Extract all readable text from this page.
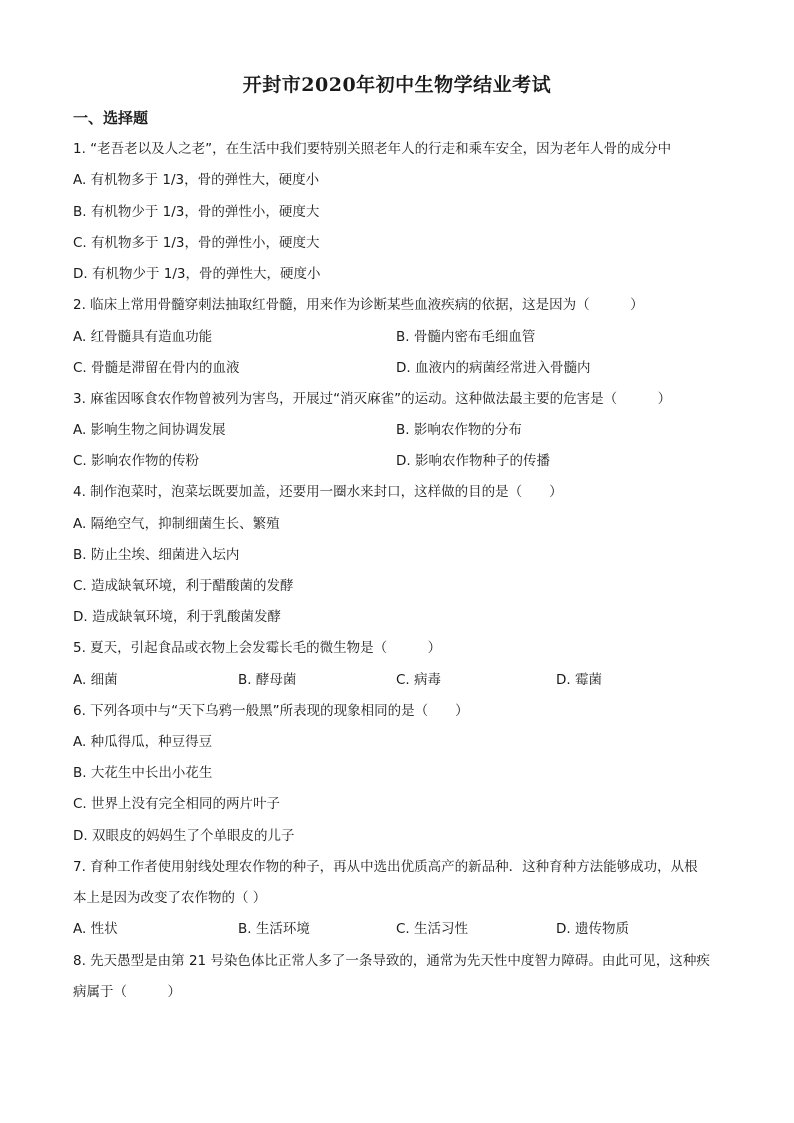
开封市2020年初中生物学结业考试
一、选择题
1. “老吾老以及人之老”，在生活中我们要特别关照老年人的行走和乘车安全，因为老年人骨的成分中
A. 有机物多于 1/3，骨的弹性大，硬度小
B. 有机物少于 1/3，骨的弹性小，硬度大
C. 有机物多于 1/3，骨的弹性小，硬度大
D. 有机物少于 1/3，骨的弹性大，硬度小
2. 临床上常用骨髓穿刺法抽取红骨髓，用来作为诊断某些血液疾病的依据，这是因为（　　　）
A. 红骨髓具有造血功能	B. 骨髓内密布毛细血管
C. 骨髓是滞留在骨内的血液	D. 血液内的病菌经常进入骨髓内
3. 麻雀因啄食农作物曾被列为害鸟，开展过“消灭麻雀”的运动。这种做法最主要的危害是（　　　）
A. 影响生物之间协调发展	B. 影响农作物的分布
C. 影响农作物的传粉	D. 影响农作物种子的传播
4. 制作泡菜时，泡菜坛既要加盖，还要用一圈水来封口，这样做的目的是（　　）
A. 隔绝空气，抑制细菌生长、繁殖
B. 防止尘埃、细菌进入坛内
C. 造成缺氧环境，利于醋酸菌的发酵
D. 造成缺氧环境，利于乳酸菌发酵
5. 夏天，引起食品或衣物上会发霉长毛的微生物是（　　　）
A. 细菌	B. 酵母菌	C. 病毒	D. 霉菌
6. 下列各项中与“天下乌鸦一般黑”所表现的现象相同的是（　　）
A. 种瓜得瓜，种豆得豆
B. 大花生中长出小花生
C. 世界上没有完全相同的两片叶子
D. 双眼皮的妈妈生了个单眼皮的儿子
7. 育种工作者使用射线处理农作物的种子，再从中选出优质高产的新品种．这种育种方法能够成功，从根
本上是因为改变了农作物的（ ）
A. 性状	B. 生活环境	C. 生活习性	D. 遗传物质
8. 先天愚型是由第 21 号染色体比正常人多了一条导致的，通常为先天性中度智力障碍。由此可见，这种疾
病属于（　　　）
